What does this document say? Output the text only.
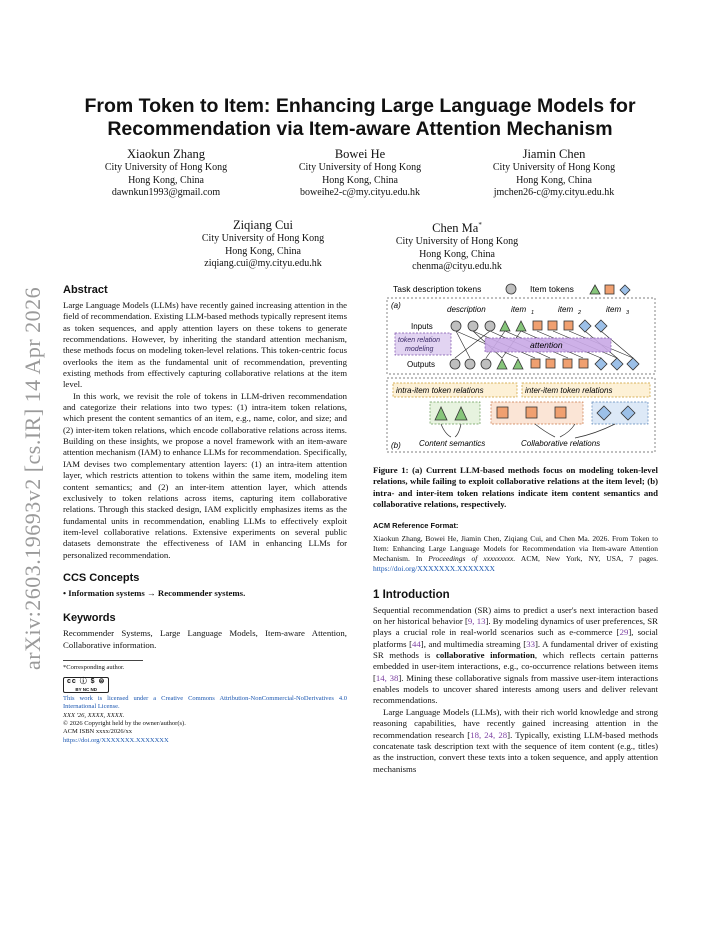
arXiv:2603.19693v2 [cs.IR] 14 Apr 2026
From Token to Item: Enhancing Large Language Models for
Recommendation via Item-aware Attention Mechanism
Xiaokun Zhang
City University of Hong Kong
Hong Kong, China
dawnkun1993@gmail.com
Bowei He
City University of Hong Kong
Hong Kong, China
boweihe2-c@my.cityu.edu.hk
Jiamin Chen
City University of Hong Kong
Hong Kong, China
jmchen26-c@my.cityu.edu.hk
Ziqiang Cui
City University of Hong Kong
Hong Kong, China
ziqiang.cui@my.cityu.edu.hk
Chen Ma*
City University of Hong Kong
Hong Kong, China
chenma@cityu.edu.hk
Abstract

Large Language Models (LLMs) have recently gained increasing attention in the field of recommendation. Existing LLM-based methods typically represent items as token sequences, and apply attention layers on these tokens to generate recommendations. However, by inheriting the standard attention mechanism, these methods focus on modeling token-level relations. This token-centric focus overlooks the item as the fundamental unit of recommendation, preventing existing methods from effectively capturing collaborative relations at the item level.

In this work, we revisit the role of tokens in LLM-driven recommendation and categorize their relations into two types: (1) intra-item token relations, which present the content semantics of an item, e.g., name, color, and size; and (2) inter-item token relations, which encode collaborative relations across items. Building on these insights, we propose a novel framework with an item-aware attention mechanism (IAM) to enhance LLMs for recommendation. Specifically, IAM devises two complementary attention layers: (1) an intra-item attention layer, which restricts attention to tokens within the same item, modeling item content semantics; and (2) an inter-item attention layer, which attends exclusively to token relations across items, capturing item collaborative relations. Through this stacked design, IAM explicitly emphasizes items as the fundamental units in recommendation, enabling LLMs to effectively exploit item-level collaborative relations. Extensive experiments on several public datasets demonstrate the effectiveness of IAM in enhancing LLMs for personalized recommendation.

CCS Concepts

• Information systems → Recommender systems.

Keywords

Recommender Systems, Large Language Models, Item-aware Attention, Collaborative information.

*Corresponding author.
cc ⓘ $ ⊜
BY NC ND
This work is licensed under a Creative Commons Attribution-NonCommercial-NoDerivatives 4.0 International License.
XXX '26, XXXX, XXXX.
© 2026 Copyright held by the owner/author(s).
ACM ISBN xxxx/2026/xx
https://doi.org/XXXXXXX.XXXXXXX
Task description tokens	Item tokens
(a)	description	item 1	item 2	item 3
Inputs
Outputs
attention
token relation
modeling
intra-item token relations	inter-item token relations
(b) Content semantics	Collaborative relations
Figure 1: (a) Current LLM-based methods focus on modeling token-level relations, while failing to exploit collaborative relations at the item level; (b) intra- and inter-item token relations indicate item content semantics and collaborative relations, respectively.
ACM Reference Format:
Xiaokun Zhang, Bowei He, Jiamin Chen, Ziqiang Cui, and Chen Ma. 2026. From Token to Item: Enhancing Large Language Models for Recommendation via Item-aware Attention Mechanism. In Proceedings of xxxxxxxxx. ACM, New York, NY, USA, 7 pages. https://doi.org/XXXXXXX.XXXXXXX
1 Introduction

Sequential recommendation (SR) aims to predict a user's next interaction based on her historical behavior [9, 13]. By modeling dynamics of user preferences, SR plays a crucial role in real-world scenarios such as e-commerce [29], social platforms [44], and multimedia streaming [33]. A fundamental driver of existing SR methods is collaborative information, which reflects certain patterns embedded in user-item interactions, e.g., co-occurrence relations between items [14, 38]. Mining these collaborative signals from massive user-item interactions enables models to uncover shared interests among users and deliver relevant recommendations.

Large Language Models (LLMs), with their rich world knowledge and strong reasoning capabilities, have recently gained increasing attention in the recommendation research [18, 24, 28]. Typically, existing LLM-based methods concatenate task description text with the sequence of item content (e.g., titles) as the instruction, convert these texts into a token sequence, and apply attention mechanisms
